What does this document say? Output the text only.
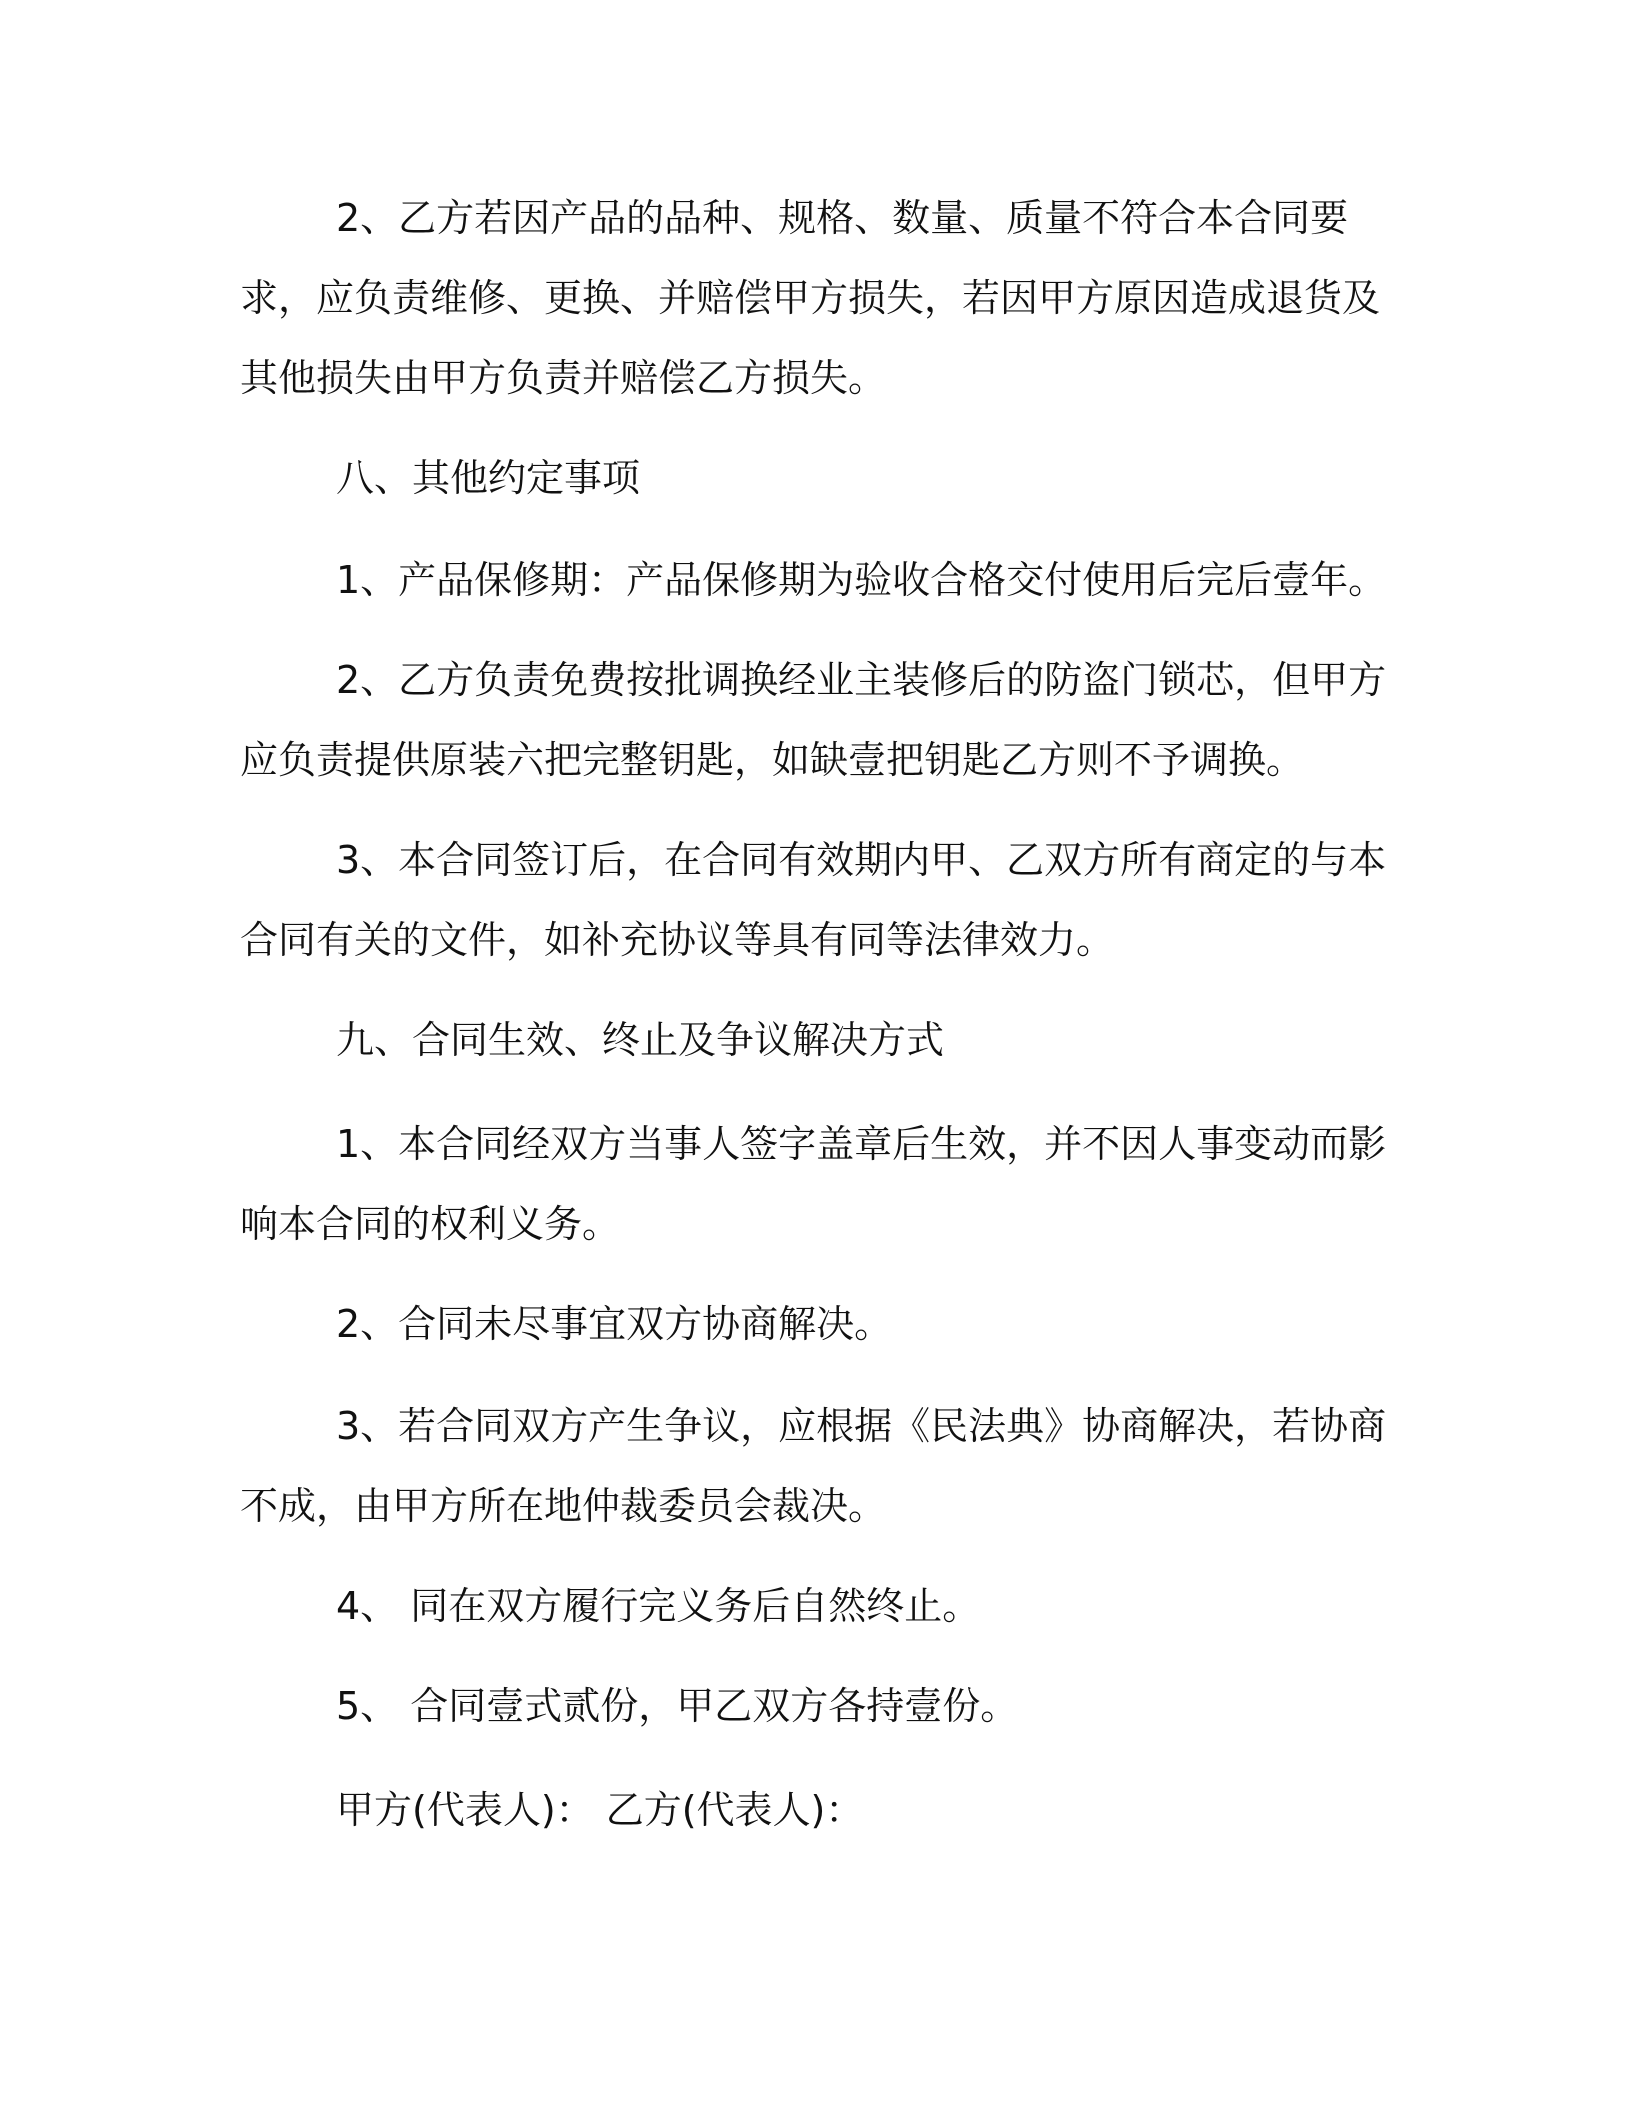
2、乙方若因产品的品种、规格、数量、质量不符合本合同要求，应负责维修、更换、并赔偿甲方损失，若因甲方原因造成退货及其他损失由甲方负责并赔偿乙方损失。

八、其他约定事项

1、产品保修期：产品保修期为验收合格交付使用后完后壹年。

2、乙方负责免费按批调换经业主装修后的防盗门锁芯，但甲方应负责提供原装六把完整钥匙，如缺壹把钥匙乙方则不予调换。

3、本合同签订后，在合同有效期内甲、乙双方所有商定的与本合同有关的文件，如补充协议等具有同等法律效力。

九、合同生效、终止及争议解决方式

1、本合同经双方当事人签字盖章后生效，并不因人事变动而影响本合同的权利义务。

2、合同未尽事宜双方协商解决。

3、若合同双方产生争议，应根据《民法典》协商解决，若协商不成，由甲方所在地仲裁委员会裁决。

4、 同在双方履行完义务后自然终止。

5、 合同壹式贰份，甲乙双方各持壹份。

甲方(代表人)： 乙方(代表人)：
